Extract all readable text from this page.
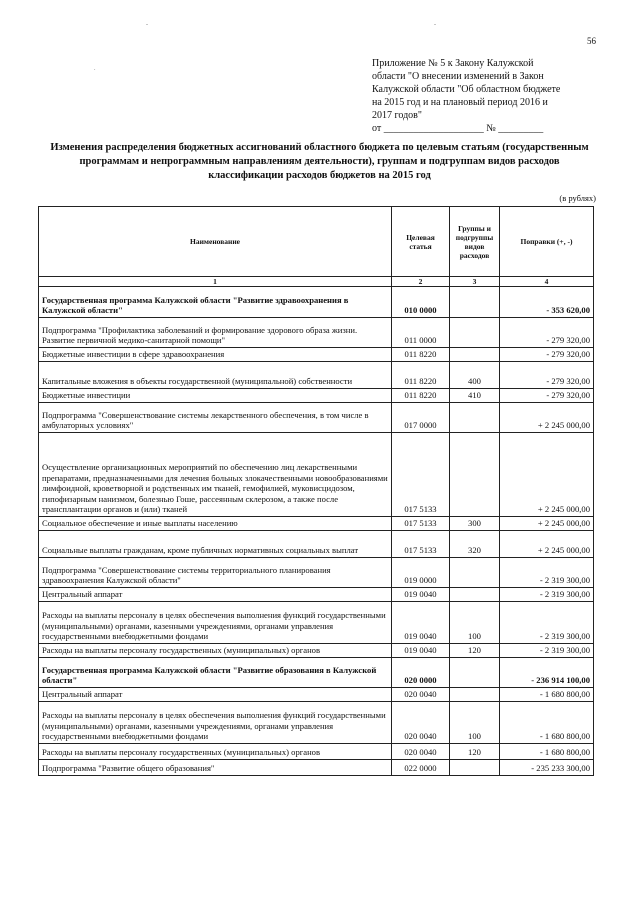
-	-
.
56
Приложение № 5 к Закону Калужской
области "О внесении изменений в Закон
Калужской области "Об областном бюджете
на 2015 год и на плановый период 2016 и
2017 годов"
от ____________________ № _________
Изменения распределения бюджетных ассигнований областного бюджета по целевым статьям (государственным программам и непрограммным направлениям деятельности), группам и подгруппам видов расходов классификации расходов бюджетов на 2015 год
(в рублях)
Наименование	Целевая статья	Группы и подгруппы видов расходов	Поправки (+, -)
1	2	3	4
Государственная программа Калужской области "Развитие здравоохранения в Калужской области"	010 0000		- 353 620,00
Подпрограмма "Профилактика заболеваний и формирование здорового образа жизни. Развитие первичной медико-санитарной помощи"	011 0000		- 279 320,00
Бюджетные инвестиции в сфере здравоохранения	011 8220		- 279 320,00
Капитальные вложения в объекты государственной (муниципальной) собственности	011 8220	400	- 279 320,00
Бюджетные инвестиции	011 8220	410	- 279 320,00
Подпрограмма "Совершенствование системы лекарственного обеспечения, в том числе в амбулаторных условиях"	017 0000		+ 2 245 000,00
Осуществление организационных мероприятий по обеспечению лиц лекарственными препаратами, предназначенными для лечения больных злокачественными новообразованиями лимфоидной, кроветворной и родственных им тканей, гемофилией, муковисцидозом, гипофизарным нанизмом, болезнью Гоше, рассеянным склерозом, а также после трансплантации органов и (или) тканей	017 5133		+ 2 245 000,00
Социальное обеспечение и иные выплаты населению	017 5133	300	+ 2 245 000,00
Социальные выплаты гражданам, кроме публичных нормативных социальных выплат	017 5133	320	+ 2 245 000,00
Подпрограмма "Совершенствование системы территориального планирования здравоохранения Калужской области"	019 0000		- 2 319 300,00
Центральный аппарат	019 0040		- 2 319 300,00
Расходы на выплаты персоналу в целях обеспечения выполнения функций государственными (муниципальными) органами, казенными учреждениями, органами управления государственными внебюджетными фондами	019 0040	100	- 2 319 300,00
Расходы на выплаты персоналу государственных (муниципальных) органов	019 0040	120	- 2 319 300,00
Государственная программа Калужской области "Развитие образования в Калужской области"	020 0000		- 236 914 100,00
Центральный аппарат	020 0040		- 1 680 800,00
Расходы на выплаты персоналу в целях обеспечения выполнения функций государственными (муниципальными) органами, казенными учреждениями, органами управления государственными внебюджетными фондами	020 0040	100	- 1 680 800,00
Расходы на выплаты персоналу государственных (муниципальных) органов	020 0040	120	- 1 680 800,00
Подпрограмма "Развитие общего образования"	022 0000		- 235 233 300,00
